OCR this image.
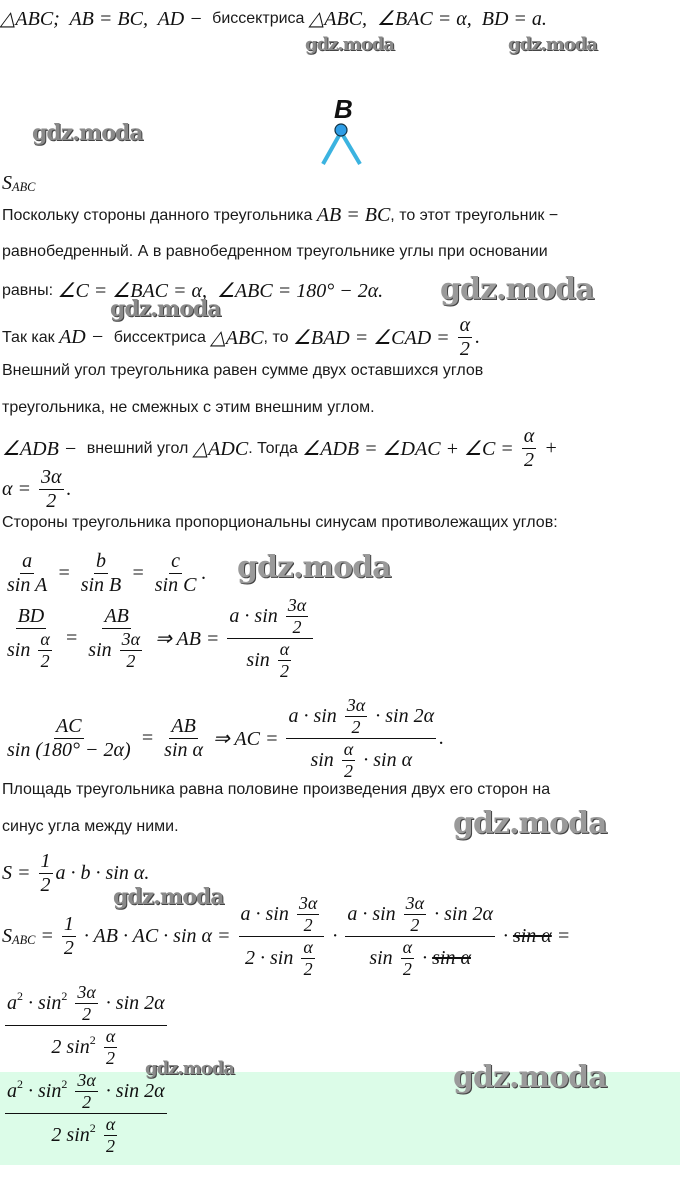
B
△ABC;  AB = BC,  AD − биссектриса △ABC,  ∠BAC = α,  BD = a.
S ABC
Поскольку стороны данного треугольника AB = BC , то этот треугольник −
равнобедренный. А в равнобедренном треугольнике углы при основании
равны: ∠C = ∠BAC = α,  ∠ABC = 180° − 2α.
Так как AD − биссектриса △ABC , то ∠BAD = ∠CAD = $\frac{\alpha}{2}$ .
Внешний угол треугольника равен сумме двух оставшихся углов
треугольника, не смежных с этим внешним углом.
∠ADB − внешний угол △ADC . Тогда ∠ADB = ∠DAC + ∠C = $\frac{\alpha}{2}$ +
$\alpha = \frac{3\alpha}{2}$ .
Стороны треугольника пропорциональны синусам противолежащих углов:
$\frac{a}{\text{sin A}} = \frac{b}{\text{sin B}} = \frac{c}{\text{sin C}}$ .
$\frac{BD}{\sin \frac{\alpha}{2}} = \frac{AB}{\sin \frac{3\alpha}{2}}$ ⇒ AB = $\frac{a \cdot \sin \frac{3\alpha}{2}}{\sin \frac{\alpha}{2}}$
$\frac{AC}{\sin (180^\circ - 2\alpha)} = \frac{AB}{\text{sin α}}$ ⇒ AC = $\frac{a \cdot \sin \frac{3\alpha}{2} \cdot \sin 2\alpha}{\sin \frac{\alpha}{2} \cdot \sin \alpha}$ .
Площадь треугольника равна половине произведения двух его сторон на
синус угла между ними.
$S = \frac{1}{2}$ a · b · sin α.
S ABC = $\frac{1}{2}$ · AB · AC · $\sin \alpha = \frac{a \cdot \sin \frac{3\alpha}{2}}{2 \cdot \sin \frac{\alpha}{2}} \cdot \frac{a \cdot \sin \frac{3\alpha}{2} \cdot \sin 2\alpha}{\sin \frac{\alpha}{2} \cdot \sin \alpha} \cdot \sin \alpha$ =
a 2 · sin 2
$\frac{3\alpha}{2} \cdot \sin 2\alpha$
2 sin 2
$\frac{\alpha}{2}$
a 2 · sin 2
$\frac{3\alpha}{2} \cdot \sin 2\alpha$
2 sin 2
$\frac{\alpha}{2}$
gdz.moda	gdz.moda
gdz.moda
gdz.moda
gdz.moda
gdz.moda
gdz.moda
gdz.moda
gdz.moda	gdz.moda
